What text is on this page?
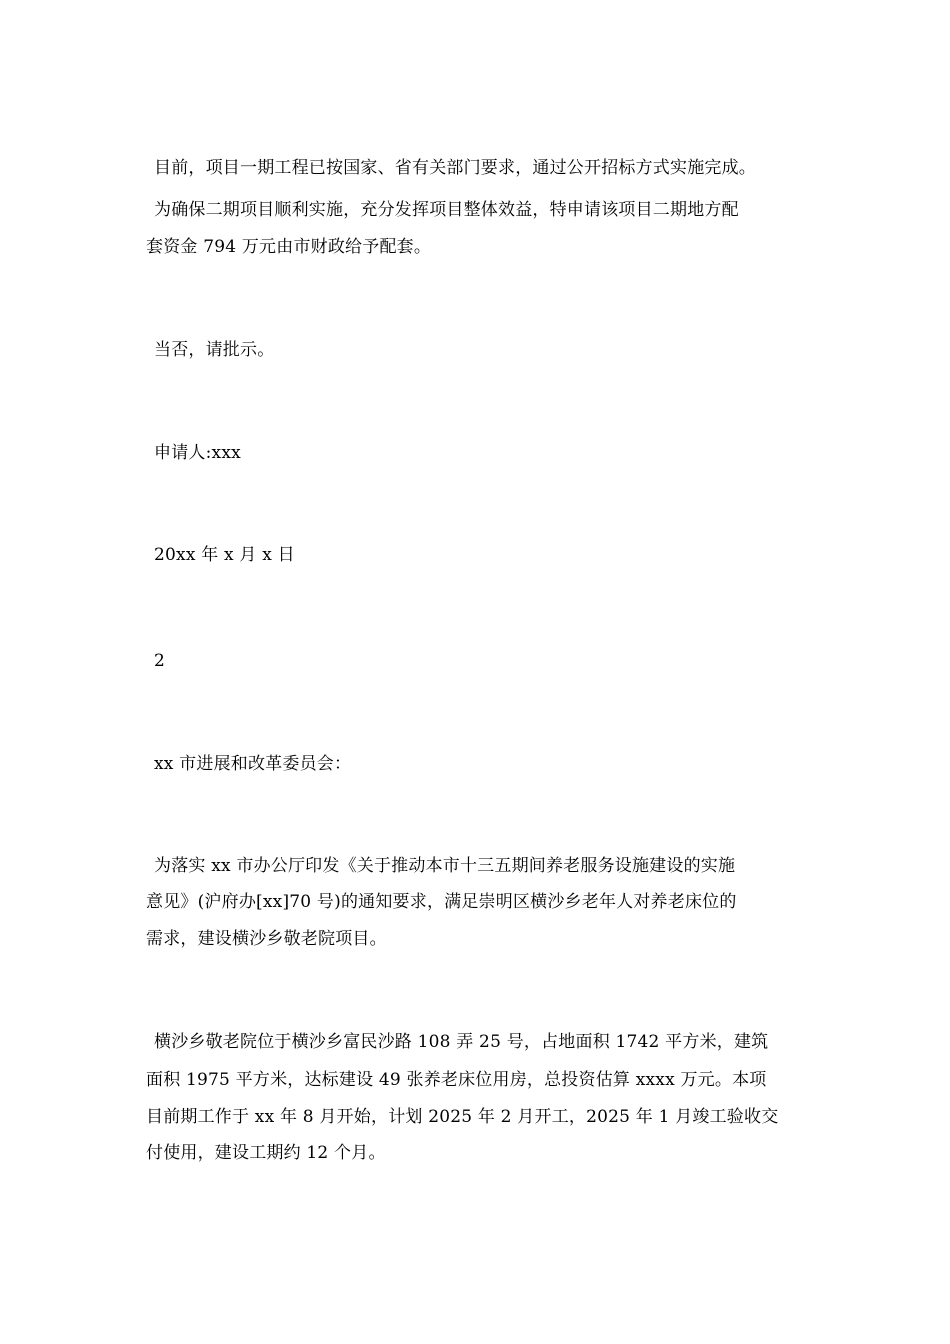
目前，项目一期工程已按国家、省有关部门要求，通过公开招标方式实施完成。
为确保二期项目顺利实施，充分发挥项目整体效益，特申请该项目二期地方配
套资金 794 万元由市财政给予配套。
当否，请批示。
申请人:xxx
20xx 年 x 月 x 日
2
xx 市进展和改革委员会：
为落实 xx 市办公厅印发《关于推动本市十三五期间养老服务设施建设的实施
意见》(沪府办[xx]70 号)的通知要求，满足崇明区横沙乡老年人对养老床位的
需求，建设横沙乡敬老院项目。
横沙乡敬老院位于横沙乡富民沙路 108 弄 25 号，占地面积 1742 平方米，建筑
面积 1975 平方米，达标建设 49 张养老床位用房，总投资估算 xxxx 万元。本项
目前期工作于 xx 年 8 月开始，计划 2025 年 2 月开工，2025 年 1 月竣工验收交
付使用，建设工期约 12 个月。
